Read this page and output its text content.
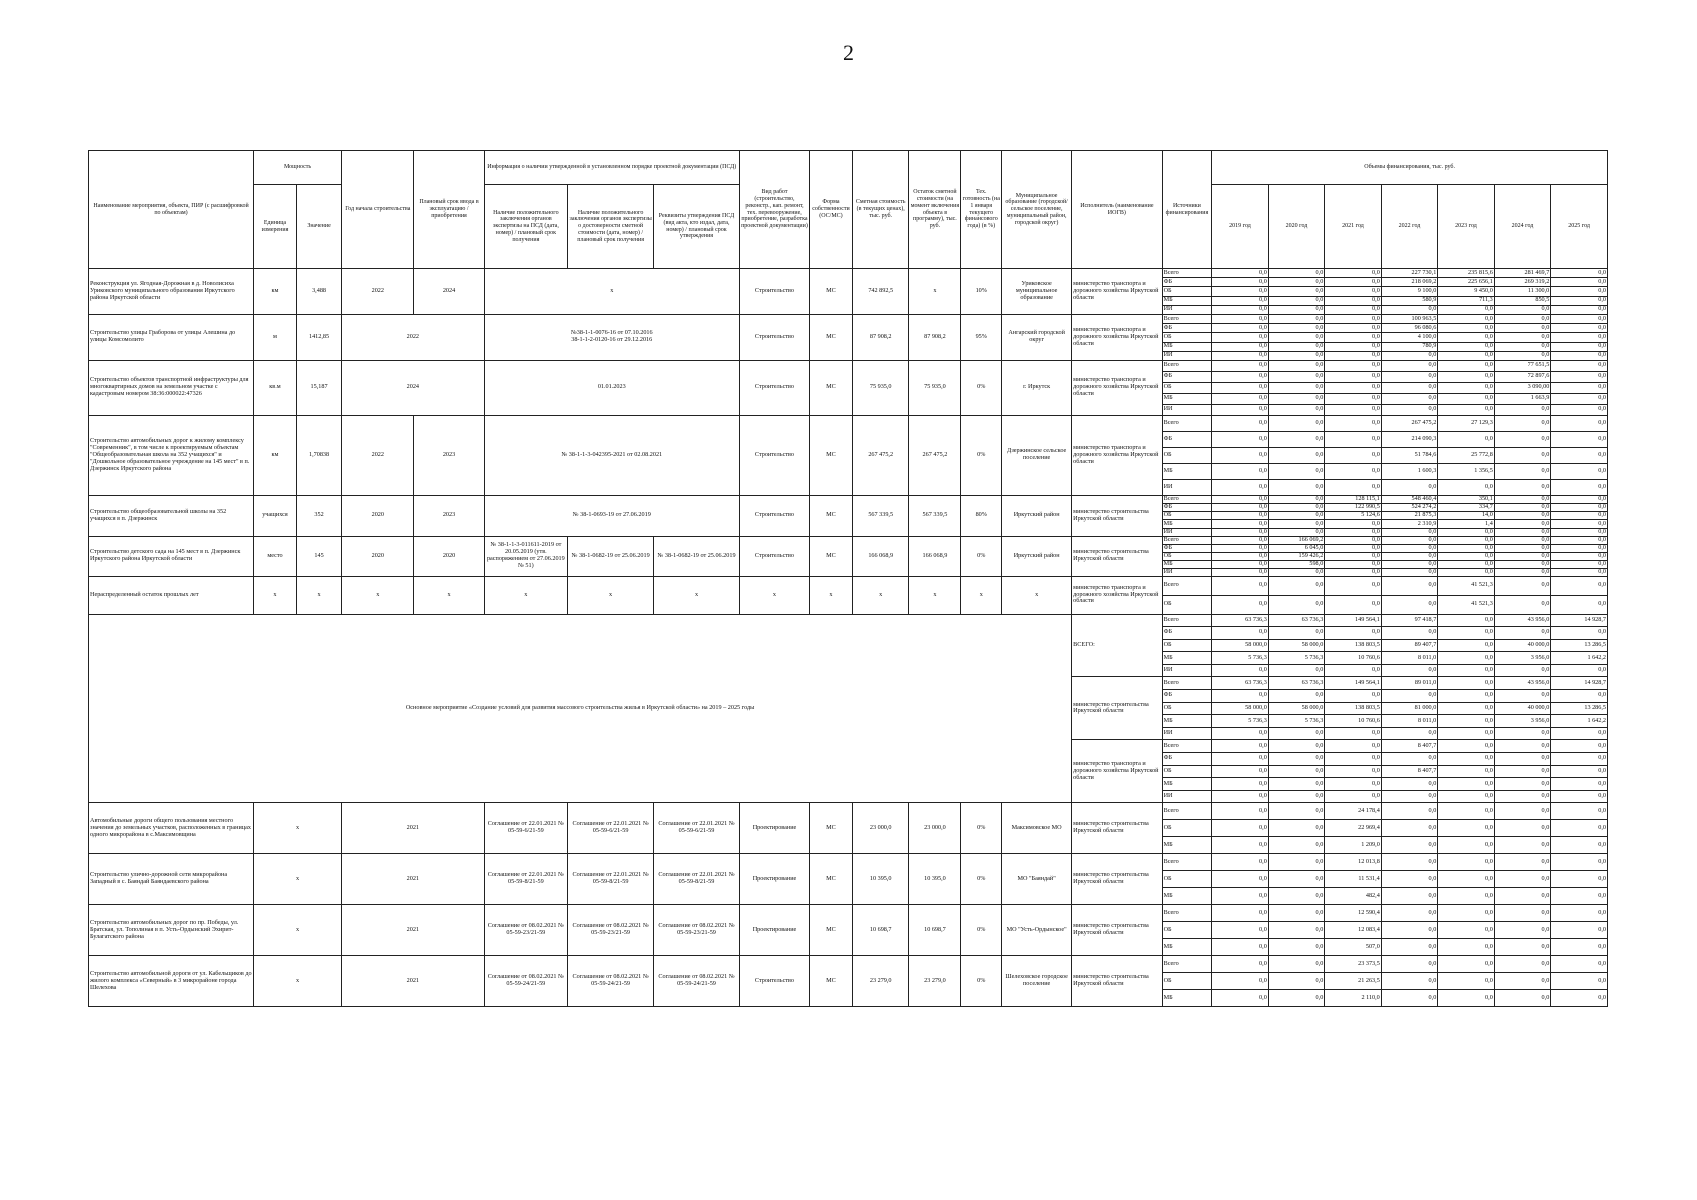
2
Наименование мероприятия, объекта, ПИР (с расшифровкой по объектам)	Мощность		Год начала строительства	Плановый срок ввода в эксплуатацию / приобретения	Информация о наличии утвержденной в установленном порядке проектной документации (ПСД)			Вид работ (строительство, реконстр., кап. ремонт, тех. перевооружение, приобретение, разработка проектной документации)	Форма собственности (ОС/МС)	Сметная стоимость (в текущих ценах), тыс. руб.	Остаток сметной стоимости (на момент включения объекта в программу), тыс. руб.	Тех. готовность (на 1 января текущего финансового года) (в %)	Муниципальное образование (городской/сельское поселение, муниципальный район, городской округ)	Исполнитель (наименование ИОГВ)	Источники финансирования	Объемы финансирования, тыс. руб.						
	Единица измерения	Значение			Наличие положительного заключения органов экспертизы на ПСД (дата, номер) / плановый срок получения	Наличие положительного заключения органов экспертизы о достоверности сметной стоимости (дата, номер) / плановый срок получения	Реквизиты утверждения ПСД (вид акта, кто издал, дата, номер) / плановый срок утверждения									2019 год	2020 год	2021 год	2022 год	2023 год	2024 год	2025 год
Реконструкция ул. Ягодная-Дорожная в д. Новолисиха Уриковского муниципального образования Иркутского района Иркутской области	км	3,488	2022	2024	х			Строительство	МС	742 892,5	х	10%	Уриковское муниципальное образование	министерство транспорта и дорожного хозяйства Иркутской области	Всего	0,0	0,0	0,0	227 730,1	235 815,6	281 469,7	0,0
															ФБ	0,0	0,0	0,0	218 069,2	225 656,1	269 319,2	0,0
															ОБ	0,0	0,0	0,0	9 100,0	9 450,0	11 300,0	0,0
															МБ	0,0	0,0	0,0	580,9	711,3	850,5	0,0
															ИИ	0,0	0,0	0,0	0,0	0,0	0,0	0,0
Строительство улицы Граборова от улицы Алешина до улицы Комсомолито	м	1412,85	2022		№38-1-1-0076-16 от 07.10.2016
38-1-1-2-0120-16 от 29.12.2016			Строительство	МС	87 908,2	87 908,2	95%	Ангарский городской округ	министерство транспорта и дорожного хозяйства Иркутской области	Всего	0,0	0,0	0,0	100 963,5	0,0	0,0	0,0
															ФБ	0,0	0,0	0,0	96 080,6	0,0	0,0	0,0
															ОБ	0,0	0,0	0,0	4 100,0	0,0	0,0	0,0
															МБ	0,0	0,0	0,0	780,9	0,0	0,0	0,0
															ИИ	0,0	0,0	0,0	0,0	0,0	0,0	0,0
Строительство объектов транспортной инфраструктуры для многоквартирных домов на земельном участке с кадастровым номером 38:36:000022:47326	кв.м	15,187	2024		01.01.2023			Строительство	МС	75 935,0	75 935,0	0%	г. Иркутск	министерство транспорта и дорожного хозяйства Иркутской области	Всего	0,0	0,0	0,0	0,0	0,0	77 651,5	0,0
															ФБ	0,0	0,0	0,0	0,0	0,0	72 897,6	0,0
															ОБ	0,0	0,0	0,0	0,0	0,0	3 090,00	0,0
															МБ	0,0	0,0	0,0	0,0	0,0	1 663,9	0,0
															ИИ	0,0	0,0	0,0	0,0	0,0	0,0	0,0
Строительство автомобильных дорог к жилому комплексу "Современник", в том числе к проектируемым объектам "Общеобразовательная школа на 352 учащихся" и "Дошкольное образовательное учреждение на 145 мест" в п. Дзержинск Иркутского района	км	1,70838	2022	2023	№ 38-1-1-3-042395-2021 от 02.08.2021			Строительство	МС	267 475,2	267 475,2	0%	Дзержинское сельское поселение	министерство транспорта и дорожного хозяйства Иркутской области	Всего	0,0	0,0	0,0	267 475,2	27 129,3	0,0	0,0
															ФБ	0,0	0,0	0,0	214 090,3	0,0	0,0	0,0
															ОБ	0,0	0,0	0,0	51 784,6	25 772,8	0,0	0,0
															МБ	0,0	0,0	0,0	1 600,3	1 356,5	0,0	0,0
															ИИ	0,0	0,0	0,0	0,0	0,0	0,0	0,0
Строительство общеобразовательной школы на 352 учащихся в п. Дзержинск	учащихся	352	2020	2023	№ 38-1-0693-19 от 27.06.2019			Строительство	МС	567 339,5	567 339,5	80%	Иркутский район	министерство строительства Иркутской области	Всего	0,0	0,0	128 115,1	548 460,4	350,1	0,0	0,0
															ФБ	0,0	0,0	122 990,5	524 274,2	334,7	0,0	0,0
															ОБ	0,0	0,0	5 124,6	21 875,3	14,0	0,0	0,0
															МБ	0,0	0,0	0,0	2 310,9	1,4	0,0	0,0
															ИИ	0,0	0,0	0,0	0,0	0,0	0,0	0,0
Строительство детского сада на 145 мест в п. Дзержинск Иркутского района Иркутской области	место	145	2020	2020	№ 38-1-1-3-011611-2019 от 20.05.2019 (утв. распоряжением от 27.06.2019 № 51)	№ 38-1-0682-19 от 25.06.2019	№ 38-1-0682-19 от 25.06.2019	Строительство	МС	166 068,9	166 068,9	0%	Иркутский район	министерство строительства Иркутской области	Всего	0,0	166 069,2	0,0	0,0	0,0	0,0	0,0
															ФБ	0,0	6 045,0	0,0	0,0	0,0	0,0	0,0
															ОБ	0,0	159 426,2	0,0	0,0	0,0	0,0	0,0
															МБ	0,0	598,0	0,0	0,0	0,0	0,0	0,0
															ИИ	0,0	0,0	0,0	0,0	0,0	0,0	0,0
Нераспределенный остаток прошлых лет	х	х	х	х	х	х	х	х	х	х	х	х	х	министерство транспорта и дорожного хозяйства Иркутской области	Всего	0,0	0,0	0,0	0,0	41 521,3	0,0	0,0
															ОБ	0,0	0,0	0,0	0,0	41 521,3	0,0	0,0
Основное мероприятие «Создание условий для развития массового строительства жилья в Иркутской области» на 2019 – 2025 годы														ВСЕГО:	Всего	63 736,3	63 736,3	149 564,1	97 418,7	0,0	43 956,0	14 928,7
															ФБ	0,0	0,0	0,0	0,0	0,0	0,0	0,0
															ОБ	58 000,0	58 000,0	138 803,5	89 407,7	0,0	40 000,0	13 286,5
															МБ	5 736,3	5 736,3	10 760,6	8 011,0	0,0	3 956,0	1 642,2
															ИИ	0,0	0,0	0,0	0,0	0,0	0,0	0,0
														министерство строительства Иркутской области	Всего	63 736,3	63 736,3	149 564,1	89 011,0	0,0	43 956,0	14 928,7
															ФБ	0,0	0,0	0,0	0,0	0,0	0,0	0,0
															ОБ	58 000,0	58 000,0	138 803,5	81 000,0	0,0	40 000,0	13 286,5
															МБ	5 736,3	5 736,3	10 760,6	8 011,0	0,0	3 956,0	1 642,2
															ИИ	0,0	0,0	0,0	0,0	0,0	0,0	0,0
														министерство транспорта и дорожного хозяйства Иркутской области	Всего	0,0	0,0	0,0	8 407,7	0,0	0,0	0,0
															ФБ	0,0	0,0	0,0	0,0	0,0	0,0	0,0
															ОБ	0,0	0,0	0,0	8 407,7	0,0	0,0	0,0
															МБ	0,0	0,0	0,0	0,0	0,0	0,0	0,0
															ИИ	0,0	0,0	0,0	0,0	0,0	0,0	0,0
Автомобильные дороги общего пользования местного значения до земельных участков, расположенных в границах одного микрорайона в с.Максимовщина	х		2021		Соглашение от 22.01.2021 № 05-59-6/21-59	Соглашение от 22.01.2021 № 05-59-6/21-59	Соглашение от 22.01.2021 № 05-59-6/21-59	Проектирование	МС	23 000,0	23 000,0	0%	Максимовское МО	министерство строительства Иркутской области	Всего	0,0	0,0	24 178,4	0,0	0,0	0,0	0,0
															ОБ	0,0	0,0	22 969,4	0,0	0,0	0,0	0,0
															МБ	0,0	0,0	1 209,0	0,0	0,0	0,0	0,0
Строительство улично-дорожной сети микрорайона Западный в с. Баяндай Баяндаевского района	х		2021		Соглашение от 22.01.2021 № 05-59-8/21-59	Соглашение от 22.01.2021 № 05-59-8/21-59	Соглашение от 22.01.2021 № 05-59-8/21-59	Проектирование	МС	10 395,0	10 395,0	0%	МО "Баяндай"	министерство строительства Иркутской области	Всего	0,0	0,0	12 013,8	0,0	0,0	0,0	0,0
															ОБ	0,0	0,0	11 531,4	0,0	0,0	0,0	0,0
															МБ	0,0	0,0	482,4	0,0	0,0	0,0	0,0
Строительство автомобильных дорог по пр. Победы, ул. Братская, ул. Тополиная в п. Усть-Ордынский Эхирит-Булагатского района	х		2021		Соглашение от 08.02.2021 № 05-59-23/21-59	Соглашение от 08.02.2021 № 05-59-23/21-59	Соглашение от 08.02.2021 № 05-59-23/21-59	Проектирование	МС	10 698,7	10 698,7	0%	МО "Усть-Ордынское"	министерство строительства Иркутской области	Всего	0,0	0,0	12 590,4	0,0	0,0	0,0	0,0
															ОБ	0,0	0,0	12 083,4	0,0	0,0	0,0	0,0
															МБ	0,0	0,0	507,0	0,0	0,0	0,0	0,0
Строительство автомобильной дороги от ул. Кабельщиков до жилого комплекса «Северный» в 3 микрорайоне города Шелехова	х		2021		Соглашение от 08.02.2021 № 05-59-24/21-59	Соглашение от 08.02.2021 № 05-59-24/21-59	Соглашение от 08.02.2021 № 05-59-24/21-59	Строительство	МС	23 279,0	23 279,0	0%	Шелеховское городское поселение	министерство строительства Иркутской области	Всего	0,0	0,0	23 373,5	0,0	0,0	0,0	0,0
															ОБ	0,0	0,0	21 263,5	0,0	0,0	0,0	0,0
															МБ	0,0	0,0	2 110,0	0,0	0,0	0,0	0,0
